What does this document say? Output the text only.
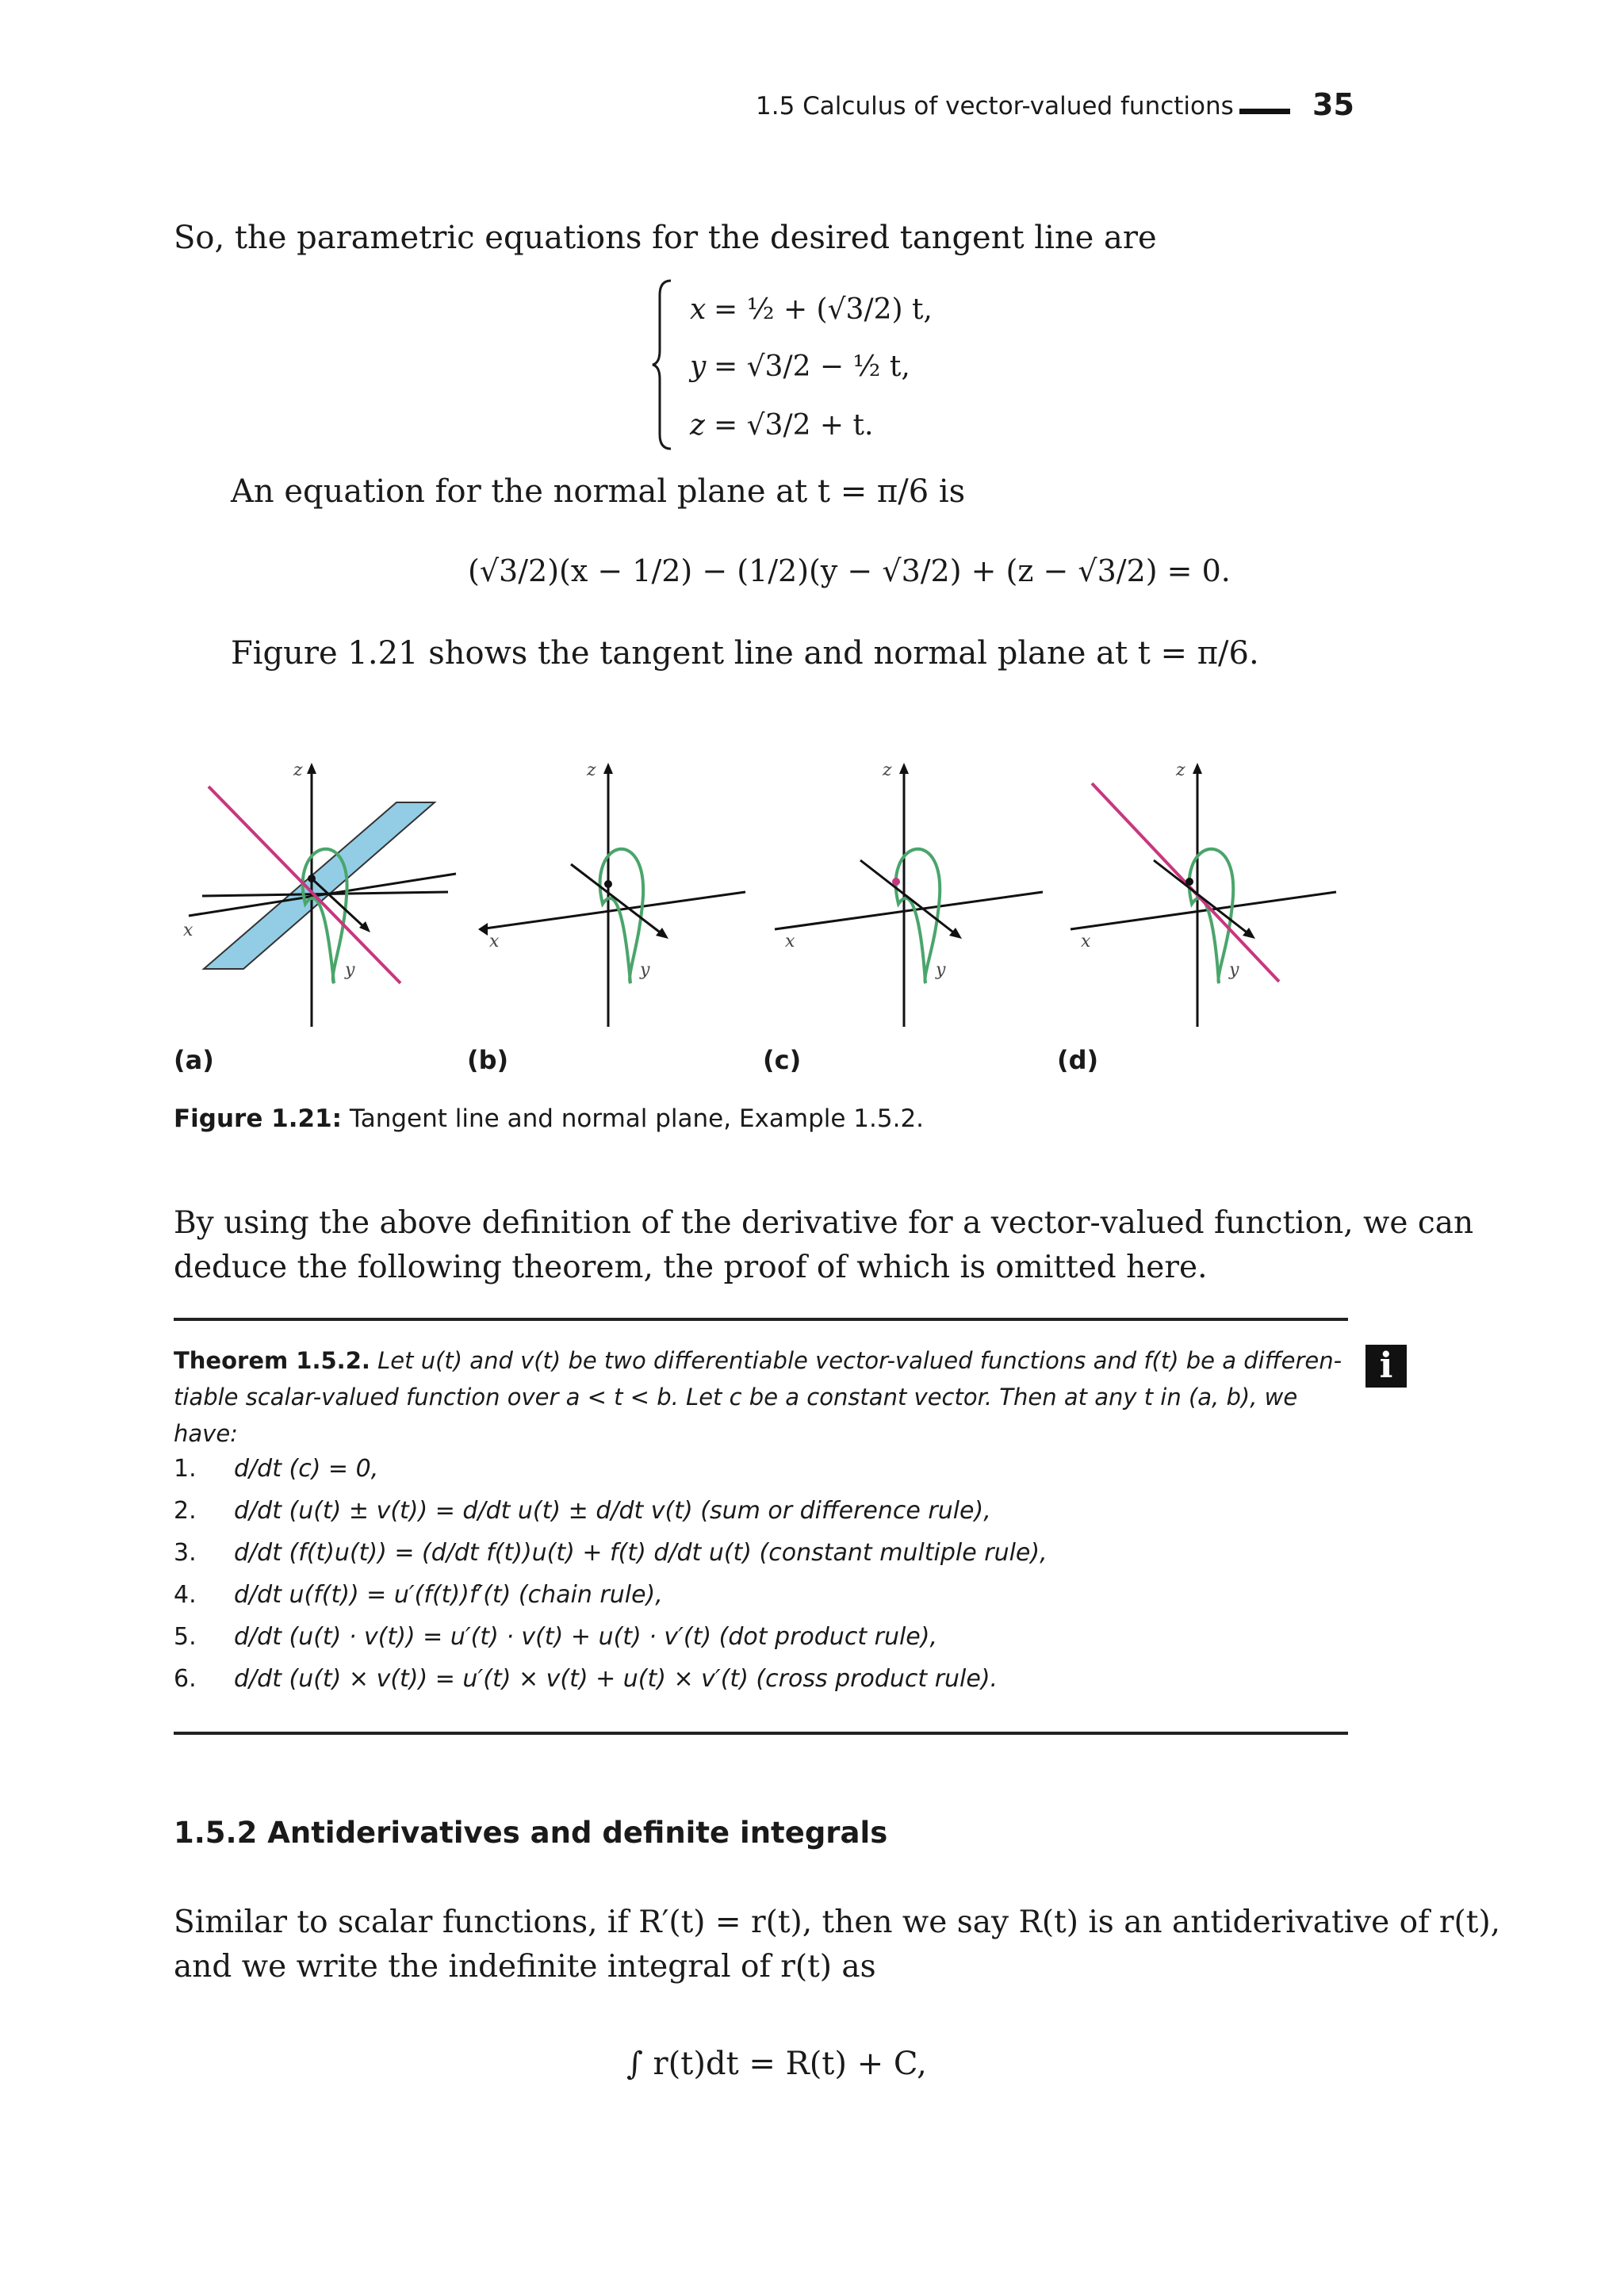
1.5 Calculus of vector-valued functions	35
So, the parametric equations for the desired tangent line are
x = ½ + (√3/2) t,
y = √3/2 − ½ t,
z = √3/2 + t.
An equation for the normal plane at t = π/6 is
(√3/2)(x − 1/2) − (1/2)(y − √3/2) + (z − √3/2) = 0.
Figure 1.21 shows the tangent line and normal plane at t = π/6.
x
y
z
x
y
z
x
y
z
x
y
z
(a)	(b)	(c)	(d)
Figure 1.21: Tangent line and normal plane, Example 1.5.2.
By using the above definition of the derivative for a vector-valued function, we can
deduce the following theorem, the proof of which is omitted here.
i
Theorem 1.5.2. Let u(t) and v(t) be two differentiable vector-valued functions and f(t) be a differen-
tiable scalar-valued function over a < t < b. Let c be a constant vector. Then at any t in (a, b), we
have:
1. d/dt (c) = 0,
2. d/dt (u(t) ± v(t)) = d/dt u(t) ± d/dt v(t) (sum or difference rule),
3. d/dt (f(t)u(t)) = (d/dt f(t))u(t) + f(t) d/dt u(t) (constant multiple rule),
4. d/dt u(f(t)) = u′(f(t))f′(t) (chain rule),
5. d/dt (u(t) · v(t)) = u′(t) · v(t) + u(t) · v′(t) (dot product rule),
6. d/dt (u(t) × v(t)) = u′(t) × v(t) + u(t) × v′(t) (cross product rule).
1.5.2 Antiderivatives and definite integrals
Similar to scalar functions, if R′(t) = r(t), then we say R(t) is an antiderivative of r(t),
and we write the indefinite integral of r(t) as
∫ r(t)dt = R(t) + C,
